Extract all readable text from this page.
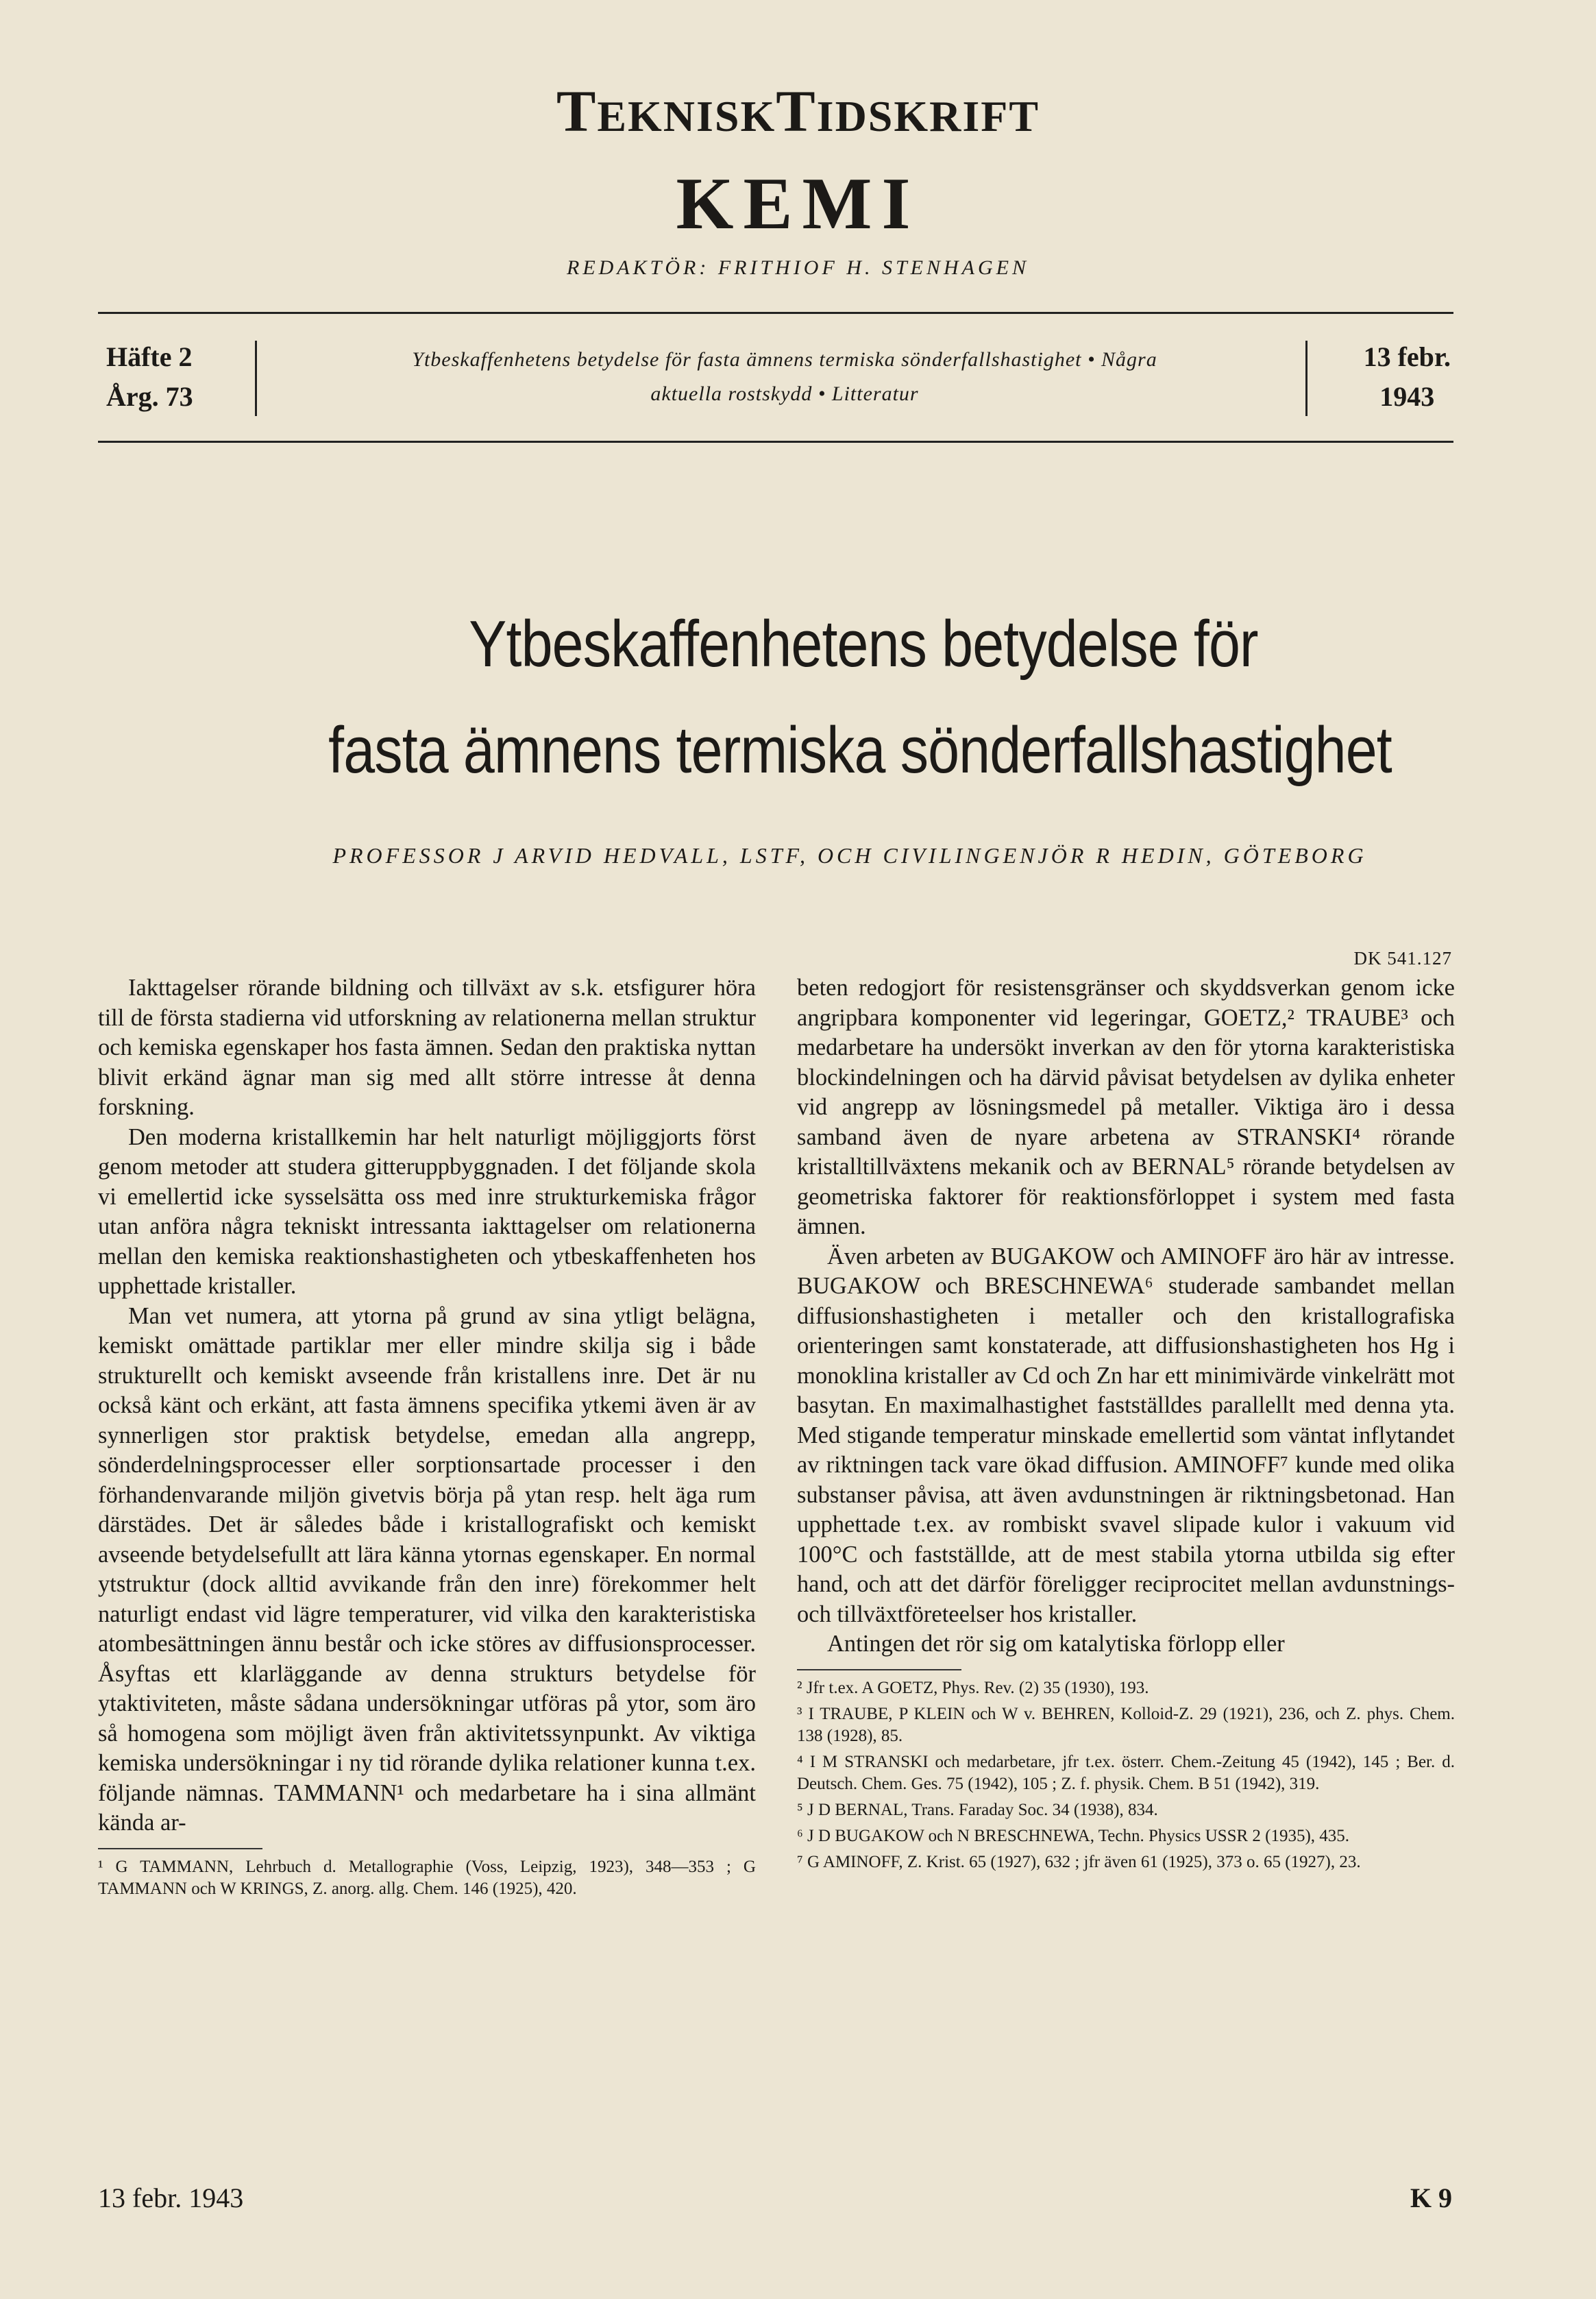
TEKNISKTIDSKRIFT
KEMI
REDAKTÖR: FRITHIOF H. STENHAGEN
Häfte 2
Årg. 73
Ytbeskaffenhetens betydelse för fasta ämnens termiska sönderfallshastighet • Några
aktuella rostskydd • Litteratur
13 febr.
1943
Ytbeskaffenhetens betydelse för
fasta ämnens termiska sönderfallshastighet
PROFESSOR J ARVID HEDVALL, LSTF, OCH CIVILINGENJÖR R HEDIN, GÖTEBORG
DK 541.127

Iakttagelser rörande bildning och tillväxt av s.k. etsfigurer höra till de första stadierna vid utforskning av relationerna mellan struktur och kemiska egenskaper hos fasta ämnen. Sedan den praktiska nyttan blivit erkänd ägnar man sig med allt större intresse åt denna forskning.

Den moderna kristallkemin har helt naturligt möjliggjorts först genom metoder att studera gitteruppbyggnaden. I det följande skola vi emellertid icke sysselsätta oss med inre strukturkemiska frågor utan anföra några tekniskt intressanta iakttagelser om relationerna mellan den kemiska reaktionshastigheten och ytbeskaffenheten hos upphettade kristaller.

Man vet numera, att ytorna på grund av sina ytligt belägna, kemiskt omättade partiklar mer eller mindre skilja sig i både strukturellt och kemiskt avseende från kristallens inre. Det är nu också känt och erkänt, att fasta ämnens specifika ytkemi även är av synnerligen stor praktisk betydelse, emedan alla angrepp, sönderdelningsprocesser eller sorptionsartade processer i den förhandenvarande miljön givetvis börja på ytan resp. helt äga rum därstädes. Det är således både i kristallografiskt och kemiskt avseende betydelsefullt att lära känna ytornas egenskaper. En normal ytstruktur (dock alltid avvikande från den inre) förekommer helt naturligt endast vid lägre temperaturer, vid vilka den karakteristiska atombesättningen ännu består och icke störes av diffusionsprocesser. Åsyftas ett klarläggande av denna strukturs betydelse för ytaktiviteten, måste sådana undersökningar utföras på ytor, som äro så homogena som möjligt även från aktivitetssynpunkt. Av viktiga kemiska undersökningar i ny tid rörande dylika relationer kunna t.ex. följande nämnas. TAMMANN¹ och medarbetare ha i sina allmänt kända ar-

¹ G TAMMANN, Lehrbuch d. Metallographie (Voss, Leipzig, 1923), 348—353 ; G TAMMANN och W KRINGS, Z. anorg. allg. Chem. 146 (1925), 420.

beten redogjort för resistensgränser och skyddsverkan genom icke angripbara komponenter vid legeringar, GOETZ,² TRAUBE³ och medarbetare ha undersökt inverkan av den för ytorna karakteristiska blockindelningen och ha därvid påvisat betydelsen av dylika enheter vid angrepp av lösningsmedel på metaller. Viktiga äro i dessa samband även de nyare arbetena av STRANSKI⁴ rörande kristalltillväxtens mekanik och av BERNAL⁵ rörande betydelsen av geometriska faktorer för reaktionsförloppet i system med fasta ämnen.

Även arbeten av BUGAKOW och AMINOFF äro här av intresse. BUGAKOW och BRESCHNEWA⁶ studerade sambandet mellan diffusionshastigheten i metaller och den kristallografiska orienteringen samt konstaterade, att diffusionshastigheten hos Hg i monoklina kristaller av Cd och Zn har ett minimivärde vinkelrätt mot basytan. En maximalhastighet fastställdes parallellt med denna yta. Med stigande temperatur minskade emellertid som väntat inflytandet av riktningen tack vare ökad diffusion. AMINOFF⁷ kunde med olika substanser påvisa, att även avdunstningen är riktningsbetonad. Han upphettade t.ex. av rombiskt svavel slipade kulor i vakuum vid 100°C och fastställde, att de mest stabila ytorna utbilda sig efter hand, och att det därför föreligger reciprocitet mellan avdunstnings- och tillväxtföreteelser hos kristaller.

Antingen det rör sig om katalytiska förlopp eller

² Jfr t.ex. A GOETZ, Phys. Rev. (2) 35 (1930), 193.
³ I TRAUBE, P KLEIN och W v. BEHREN, Kolloid-Z. 29 (1921), 236, och Z. phys. Chem. 138 (1928), 85.
⁴ I M STRANSKI och medarbetare, jfr t.ex. österr. Chem.-Zeitung 45 (1942), 145 ; Ber. d. Deutsch. Chem. Ges. 75 (1942), 105 ; Z. f. physik. Chem. B 51 (1942), 319.
⁵ J D BERNAL, Trans. Faraday Soc. 34 (1938), 834.
⁶ J D BUGAKOW och N BRESCHNEWA, Techn. Physics USSR 2 (1935), 435.
⁷ G AMINOFF, Z. Krist. 65 (1927), 632 ; jfr även 61 (1925), 373 o. 65 (1927), 23.
13 febr. 1943	K 9
